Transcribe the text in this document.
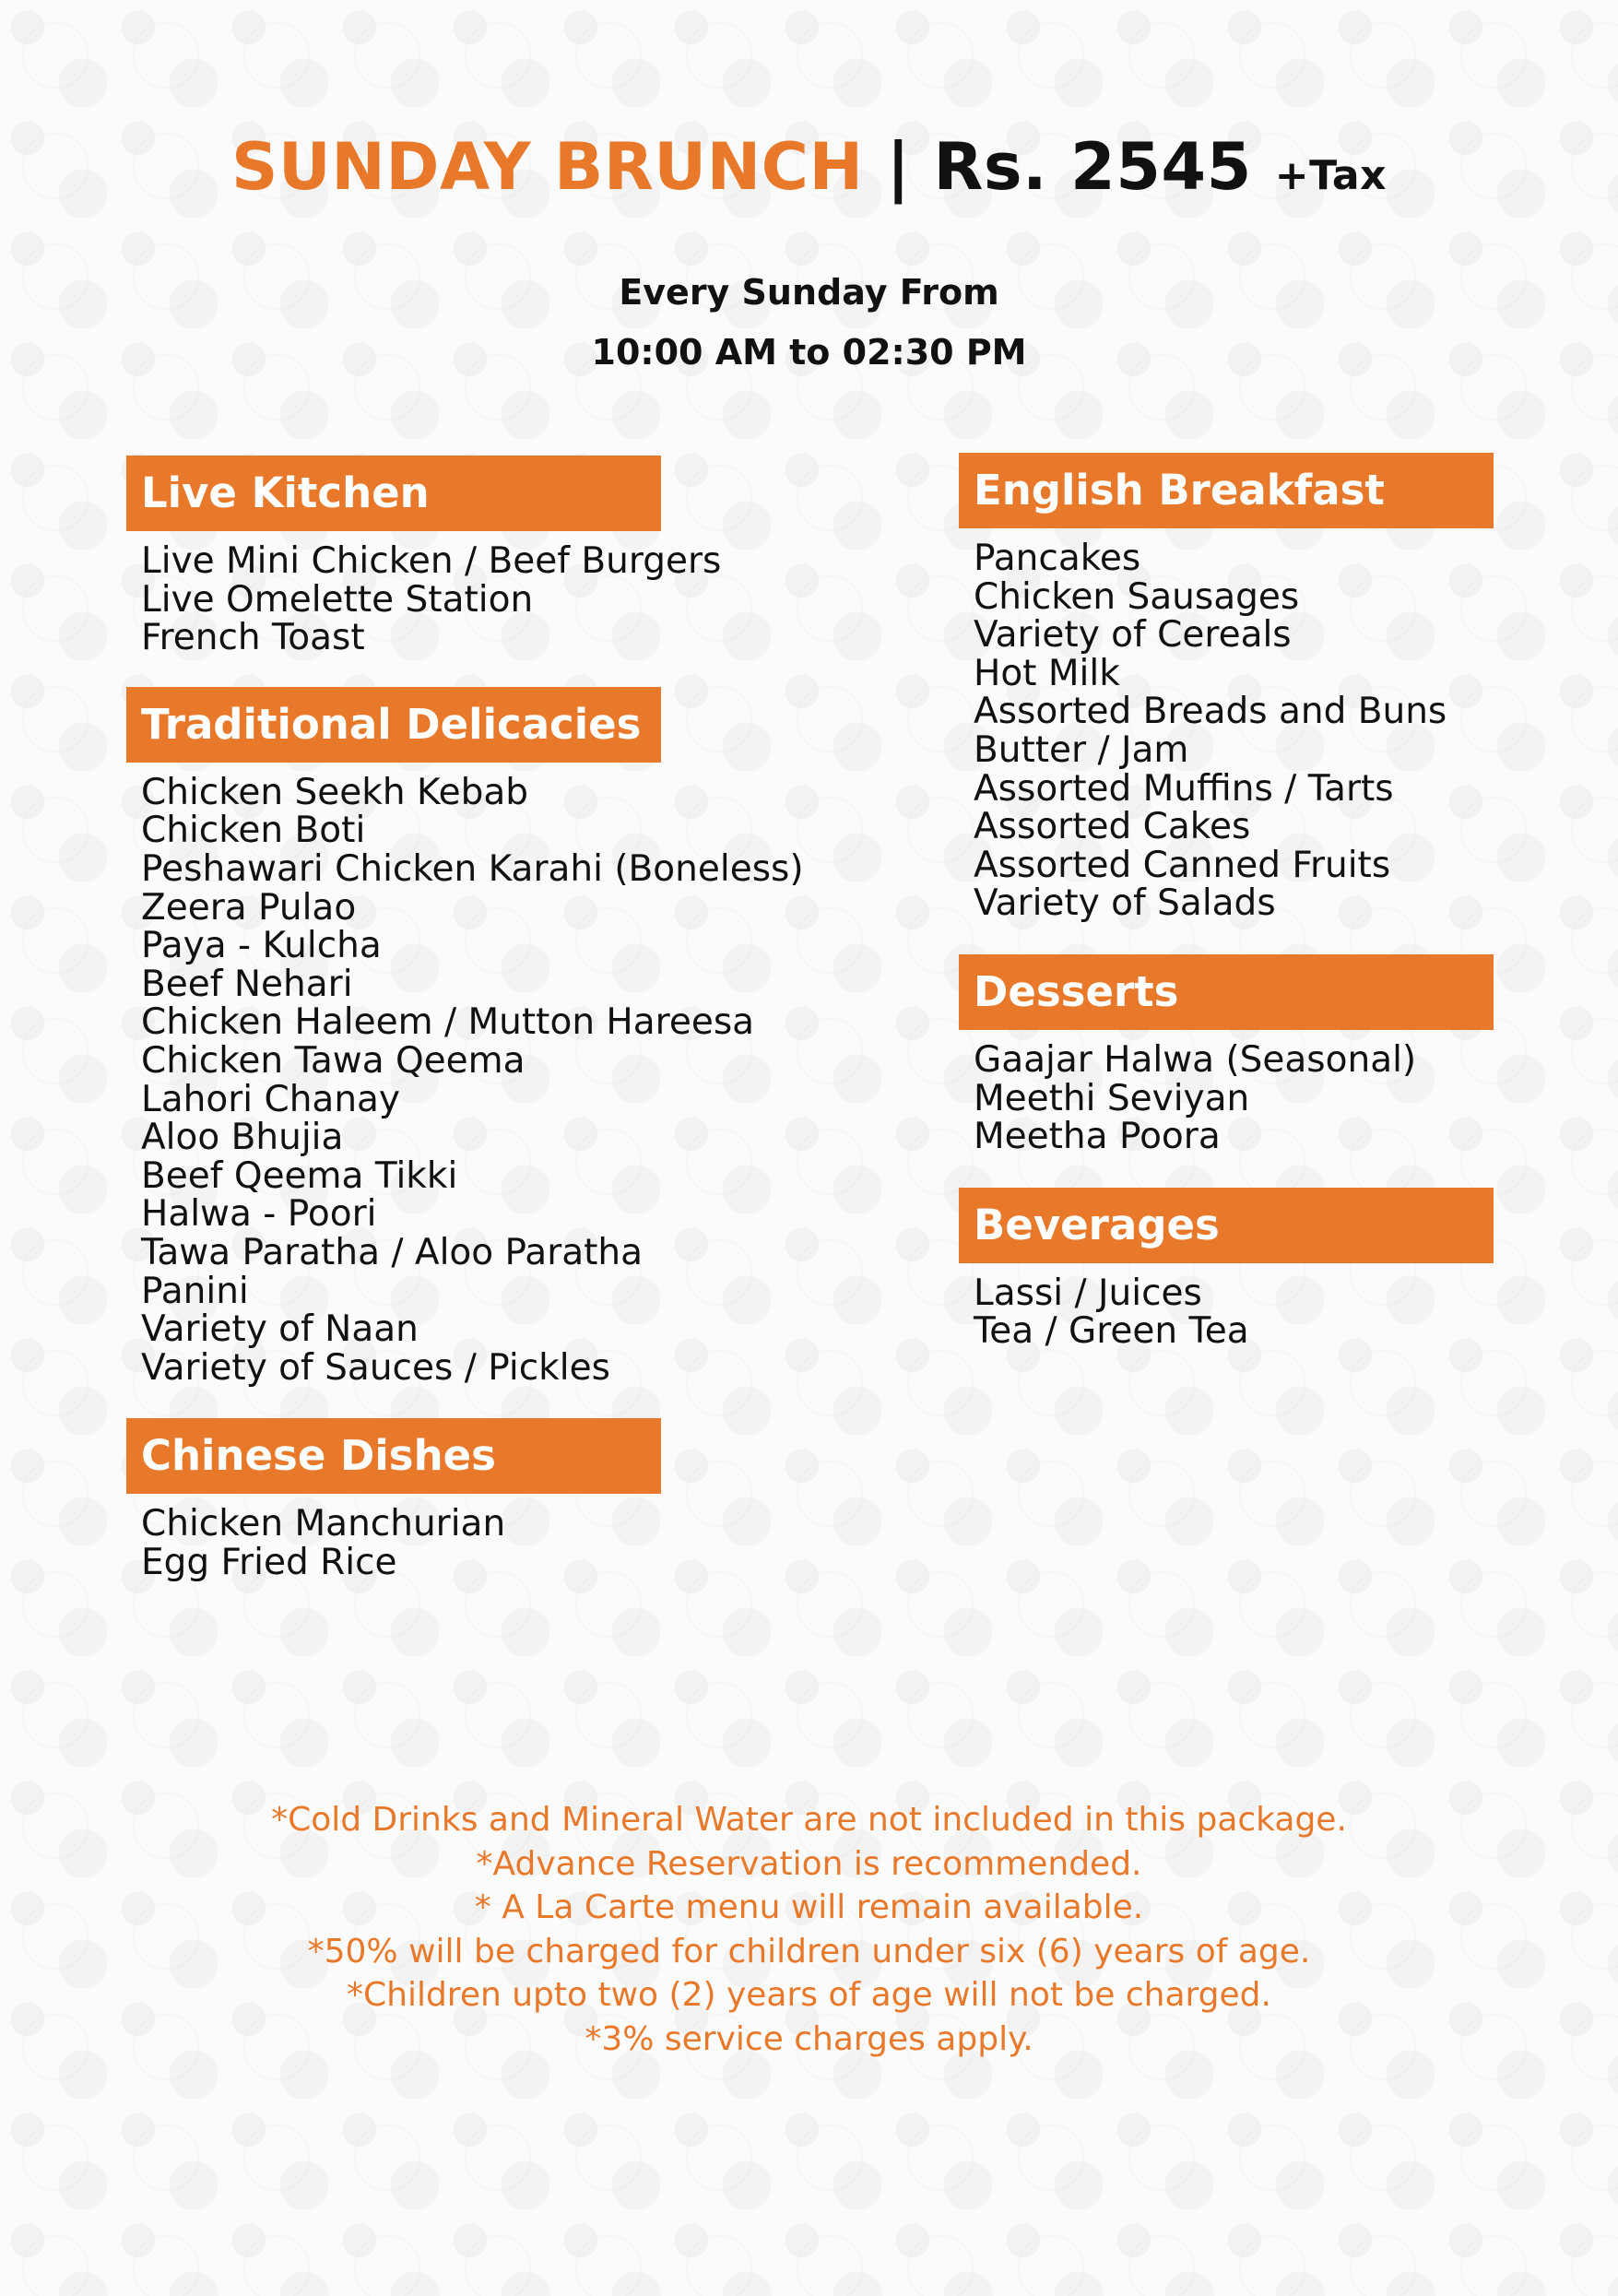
SUNDAY BRUNCH | Rs. 2545 +Tax
Every Sunday From
10:00 AM to 02:30 PM
Live Kitchen
Live Mini Chicken / Beef Burgers
Live Omelette Station
French Toast
Traditional Delicacies
Chicken Seekh Kebab
Chicken Boti
Peshawari Chicken Karahi (Boneless)
Zeera Pulao
Paya - Kulcha
Beef Nehari
Chicken Haleem / Mutton Hareesa
Chicken Tawa Qeema
Lahori Chanay
Aloo Bhujia
Beef Qeema Tikki
Halwa - Poori
Tawa Paratha / Aloo Paratha
Panini
Variety of Naan
Variety of Sauces / Pickles
Chinese Dishes
Chicken Manchurian
Egg Fried Rice
English Breakfast
Pancakes
Chicken Sausages
Variety of Cereals
Hot Milk
Assorted Breads and Buns
Butter / Jam
Assorted Muffins / Tarts
Assorted Cakes
Assorted Canned Fruits
Variety of Salads
Desserts
Gaajar Halwa (Seasonal)
Meethi Seviyan
Meetha Poora
Beverages
Lassi / Juices
Tea / Green Tea

*Cold Drinks and Mineral Water are not included in this package.

*Advance Reservation is recommended.

* A La Carte menu will remain available.

*50% will be charged for children under six (6) years of age.

*Children upto two (2) years of age will not be charged.

*3% service charges apply.
